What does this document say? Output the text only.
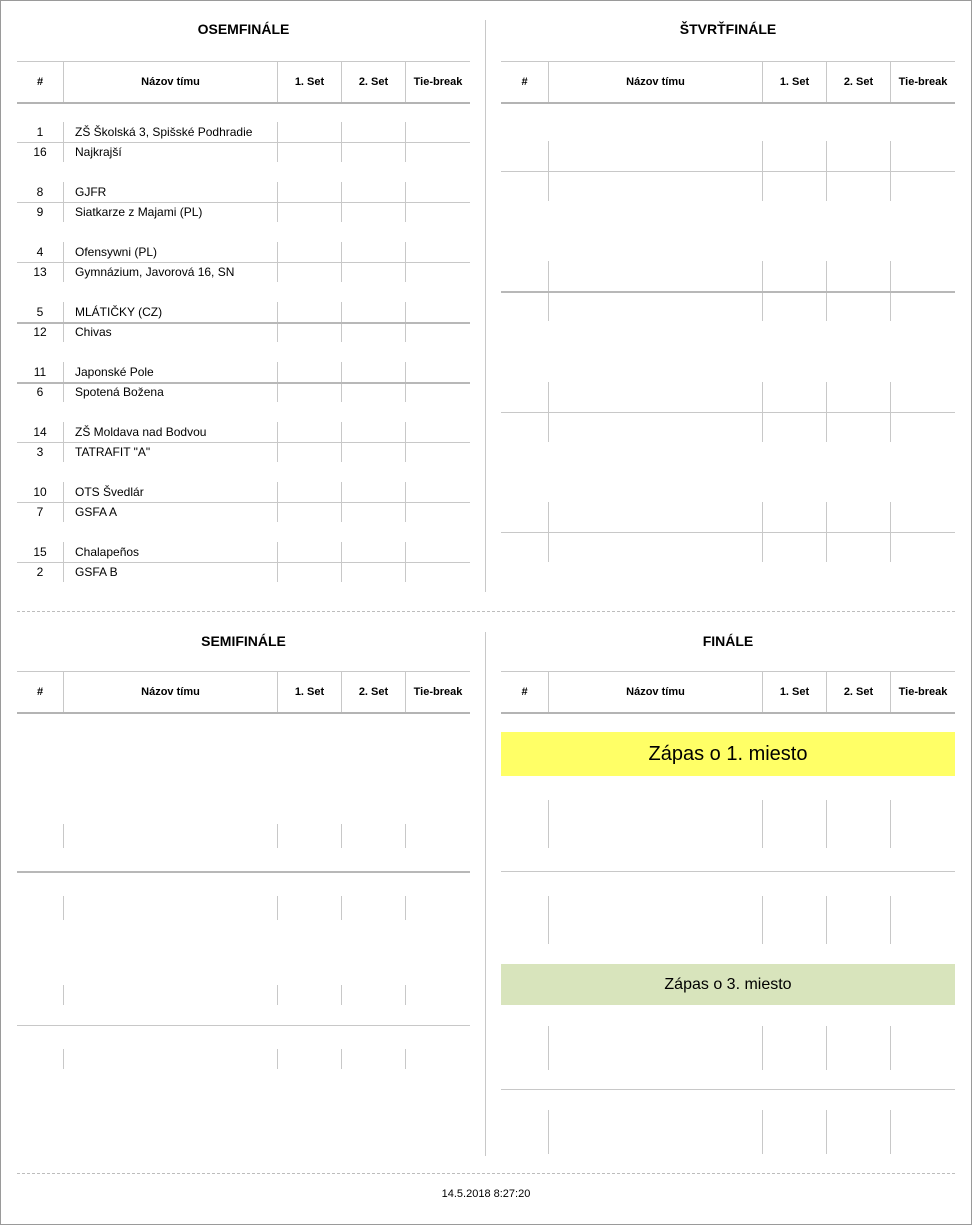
OSEMFINÁLE
#	Názov tímu	1. Set	2. Set	Tie-break
1	ZŠ Školská 3, Spišské Podhradie
16	Najkrajší
8	GJFR
9	Siatkarze z Majami (PL)
4	Ofensywni (PL)
13	Gymnázium, Javorová 16, SN
5	MLÁTIČKY (CZ)
12	Chivas
11	Japonské Pole
6	Spotená Božena
14	ZŠ Moldava nad Bodvou
3	TATRAFIT "A"
10	OTS Švedlár
7	GSFA A
15	Chalapeños
2	GSFA B
ŠTVRŤFINÁLE
#	Názov tímu	1. Set	2. Set	Tie-break
SEMIFINÁLE
#	Názov tímu	1. Set	2. Set	Tie-break
FINÁLE
#	Názov tímu	1. Set	2. Set	Tie-break
Zápas o 1. miesto
Zápas o 3. miesto
14.5.2018 8:27:20
